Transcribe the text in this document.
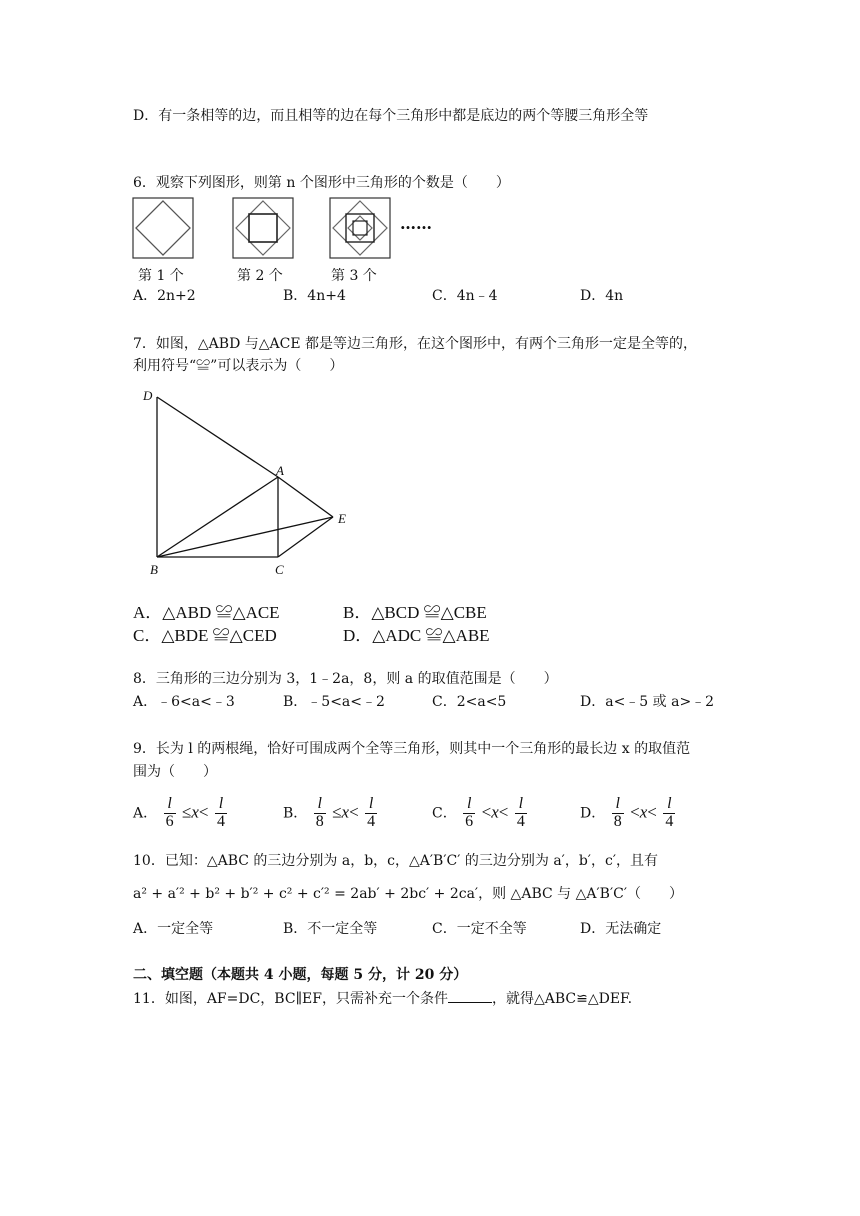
D．有一条相等的边，而且相等的边在每个三角形中都是底边的两个等腰三角形全等
6．观察下列图形，则第 n 个图形中三角形的个数是（　　）
……
第 1 个	第 2 个	第 3 个
A．2n+2	B．4n+4	C．4n﹣4	D．4n
7．如图，△ABD 与△ACE 都是等边三角形，在这个图形中，有两个三角形一定是全等的，
利用符号“≌”可以表示为（　　）
D
A
E
B	C
A．△ABD ≌△ACE	B．△BCD ≌△CBE
C．△BDE ≌△CED	D．△ADC ≌△ABE
8．三角形的三边分别为 3，1﹣2a，8，则 a 的取值范围是（　　）
A．﹣6<a<﹣3	B．﹣5<a<﹣2	C．2<a<5	D．a<﹣5 或 a>﹣2
9．长为 l 的两根绳，恰好可围成两个全等三角形，则其中一个三角形的最长边 x 的取值范
围为（　　）
A． $\frac{l}{6} \le x< \frac{l}{4}$	B． $\frac{l}{8} \le x< \frac{l}{4}$	C． $\frac{l}{6} <x< \frac{l}{4}$	D． $\frac{l}{8} <x< \frac{l}{4}$
10．已知：△ABC 的三边分别为 a，b，c，△A′B′C′ 的三边分别为 a′，b′，c′，且有
a² + a′² + b² + b′² + c² + c′² = 2ab′ + 2bc′ + 2ca′，则 △ABC 与 △A′B′C′（　　）
A．一定全等	B．不一定全等	C．一定不全等	D．无法确定
二、填空题（本题共 4 小题，每题 5 分，计 20 分）
11．如图，AF=DC，BC∥EF，只需补充一个条件	，就得△ABC≌△DEF.
